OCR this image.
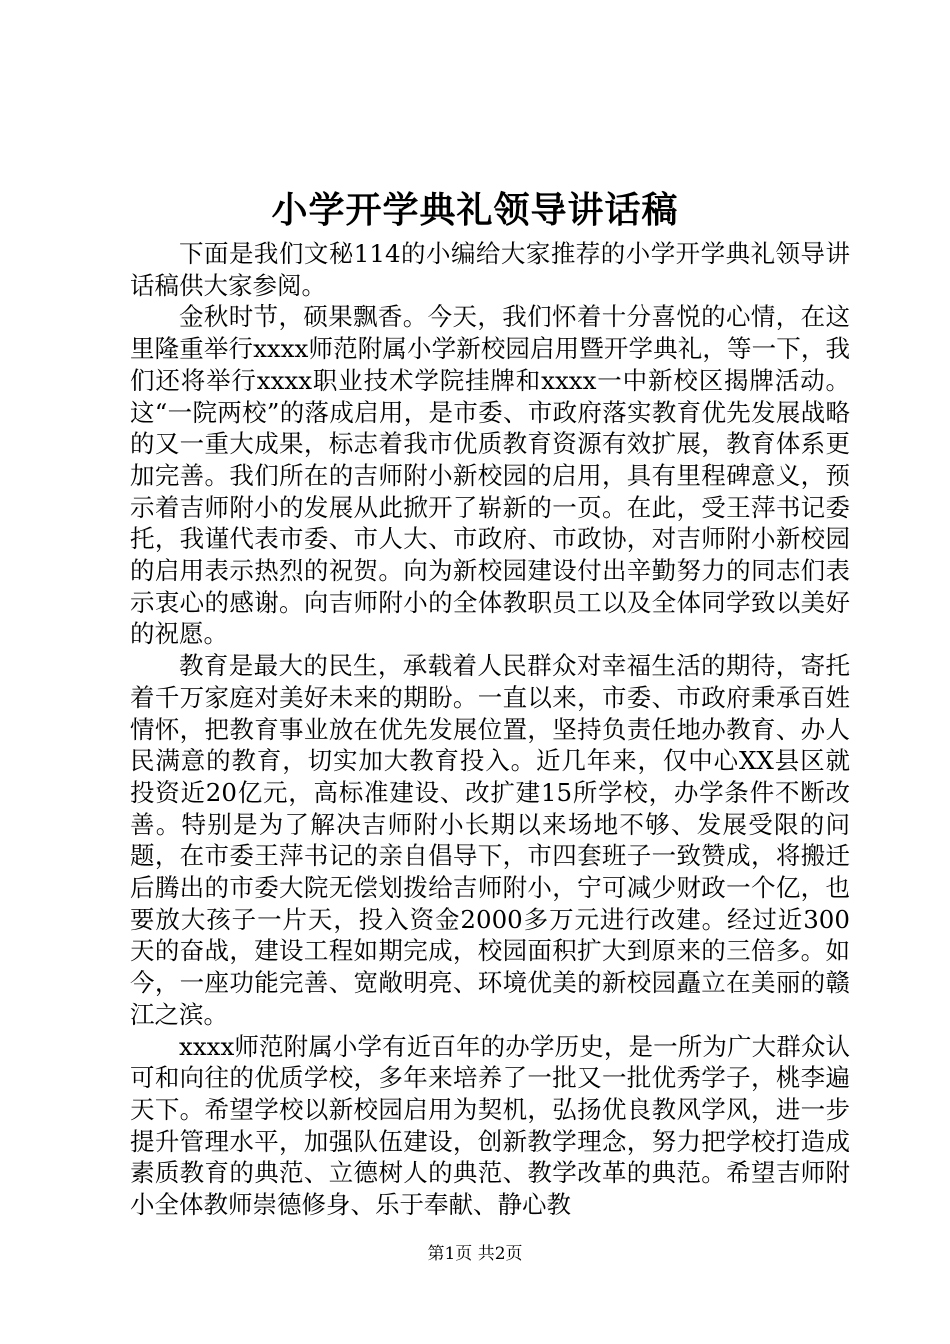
小学开学典礼领导讲话稿

下面是我们文秘114的小编给大家推荐的小学开学典礼领导讲话稿供大家参阅。

金秋时节，硕果飘香。今天，我们怀着十分喜悦的心情，在这里隆重举行xxxx师范附属小学新校园启用暨开学典礼，等一下，我们还将举行xxxx职业技术学院挂牌和xxxx一中新校区揭牌活动。这“一院两校”的落成启用，是市委、市政府落实教育优先发展战略的又一重大成果，标志着我市优质教育资源有效扩展，教育体系更加完善。我们所在的吉师附小新校园的启用，具有里程碑意义，预示着吉师附小的发展从此掀开了崭新的一页。在此，受王萍书记委托，我谨代表市委、市人大、市政府、市政协，对吉师附小新校园的启用表示热烈的祝贺。向为新校园建设付出辛勤努力的同志们表示衷心的感谢。向吉师附小的全体教职员工以及全体同学致以美好的祝愿。

教育是最大的民生，承载着人民群众对幸福生活的期待，寄托着千万家庭对美好未来的期盼。一直以来，市委、市政府秉承百姓情怀，把教育事业放在优先发展位置，坚持负责任地办教育、办人民满意的教育，切实加大教育投入。近几年来，仅中心XX县区就投资近20亿元，高标准建设、改扩建15所学校，办学条件不断改善。特别是为了解决吉师附小长期以来场地不够、发展受限的问题，在市委王萍书记的亲自倡导下，市四套班子一致赞成，将搬迁后腾出的市委大院无偿划拨给吉师附小，宁可减少财政一个亿，也要放大孩子一片天，投入资金2000多万元进行改建。经过近300天的奋战，建设工程如期完成，校园面积扩大到原来的三倍多。如今，一座功能完善、宽敞明亮、环境优美的新校园矗立在美丽的赣江之滨。

xxxx师范附属小学有近百年的办学历史，是一所为广大群众认可和向往的优质学校，多年来培养了一批又一批优秀学子，桃李遍天下。希望学校以新校园启用为契机，弘扬优良教风学风，进一步提升管理水平，加强队伍建设，创新教学理念，努力把学校打造成素质教育的典范、立德树人的典范、教学改革的典范。希望吉师附小全体教师崇德修身、乐于奉献、静心教

第1页 共2页
